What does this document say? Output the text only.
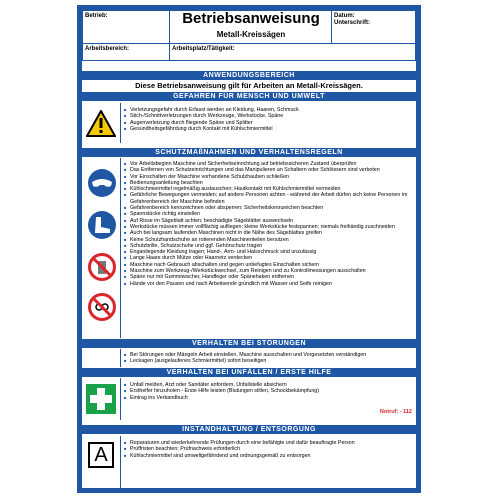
Betrieb:	Betriebsanweisung
Metall-Kreissägen
Datum:
Unterschrift:
Arbeitsbereich:	Arbeitsplatz/Tätigkeit:
ANWENDUNGSBEREICH
Diese Betriebsanweisung gilt für Arbeiten an Metall-Kreissägen.
GEFAHREN FÜR MENSCH UND UMWELT
■ Verletzungsgefahr durch Erfasst werden an Kleidung, Haaren, Schmuck
■ Stich-/Schnittverletzungen durch Werkzeuge, Werkstücke, Späne
■ Augenverletzung durch fliegende Späne und Splitter
■ Gesundheitsgefährdung durch Kontakt mit Kühlschmiermittel
SCHUTZMAßNAHMEN UND VERHALTENSREGELN
■ Vor Arbeitsbeginn Maschine und Sicherheitseinrichtung auf betriebssicheren Zustand überprüfen
■ Das Entfernen von Schutzeinrichtungen und das Manipulieren an Schaltern oder Schlössern sind verboten
■ Vor Einschalten der Maschine vorhandene Schutzhauben schließen
■ Bedienungsanleitung beachten
■ Kühlschmiermittel regelmäßig austauschen; Hautkontakt mit Kühlschmiermittel vermeiden
■ Gefährliche Bewegungen vermeiden; auf andere Personen achten - während der Arbeit dürfen sich keine Personen im Gefahrenbereich der Maschine befinden
■ Gefahrenbereich kennzeichnen oder absperren; Sicherheitskennzeichen beachten
■ Spannstücke richtig einstellen
■ Auf Risse im Sägeblatt achten; beschädigte Sägeblätter auswechseln
■ Werkstücke müssen immer vollflächig aufliegen; kleine Werkstücke festspannen; niemals freihändig zuschneiden
■ Auch bei langsam laufenden Maschinen nicht in die Nähe des Sägeblattes greifen
■ Keine Schutzhandschuhe an rotierenden Maschinenteilen benutzen
■ Schutzbrille, Schutzschuhe und ggf. Gehörschutz tragen
■ Enganliegende Kleidung tragen; Hand-, Arm- und Halsschmuck sind unzulässig
■ Lange Haare durch Mütze oder Haarnetz verdecken
■ Maschine nach Gebrauch abschalten und gegen unbefugtes Einschalten sichern
■ Maschine zum Werkzeug-/Werkstückwechsel, zum Reinigen und zu Kontrollmessungen ausschalten
■ Späne nur mit Gummiwischer, Handfeger oder Spänehaken entfernen
■ Hände vor den Pausen und nach Arbeitsende gründlich mit Wasser und Seife reinigen
VERHALTEN BEI STÖRUNGEN
■ Bei Störungen oder Mängeln Arbeit einstellen, Maschine ausschalten und Vorgesetzten verständigen
■ Leckagen (ausgelaufenes Schmiermittel) sofort beseitigen
VERHALTEN BEI UNFÄLLEN / ERSTE HILFE
■ Unfall melden, Arzt oder Sanitäter anfordern, Unfallstelle absichern
■ Ersthelfer hinzuholen - Erste Hilfe leisten (Blutungen stillen, Schockbekämpfung)
■ Eintrag ins Verbandbuch
Notruf: - 112
INSTANDHALTUNG / ENTSORGUNG
A
■ Reparaturen und wiederkehrende Prüfungen durch eine befähigte und dafür beauftragte Person
■ Prüffristen beachten; Prüfnachweis erforderlich
■ Kühlschmiermittel sind umweltgefährdend und ordnungsgemäß zu entsorgen
